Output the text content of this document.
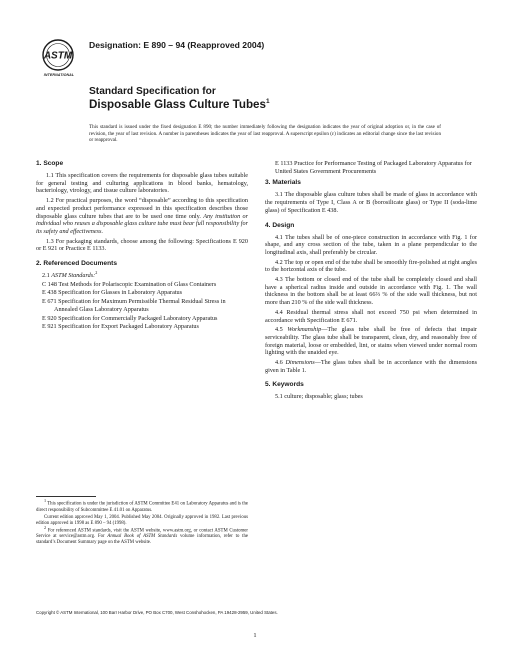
ASTM
INTERNATIONAL
Designation: E 890 – 94 (Reapproved 2004)
Standard Specification for
Disposable Glass Culture Tubes$^1$
This standard is issued under the fixed designation E 890; the number immediately following the designation indicates the year of original adoption or, in the case of revision, the year of last revision. A number in parentheses indicates the year of last reapproval. A superscript epsilon (ε) indicates an editorial change since the last revision or reapproval.
1. Scope

1.1 This specification covers the requirements for disposable glass tubes suitable for general testing and culturing applications in blood banks, hematology, bacteriology, virology, and tissue culture laboratories.

1.2 For practical purposes, the word “disposable” according to this specification and expected product performance expressed in this specification describes those disposable glass culture tubes that are to be used one time only. Any institution or individual who reuses a disposable glass culture tube must bear full responsibility for its safety and effectiveness.

1.3 For packaging standards, choose among the following: Specifications E 920 or E 921 or Practice E 1133.

2. Referenced Documents
2.1 ASTM Standards:$^2$
C 148 Test Methods for Polariscopic Examination of Glass Containers
E 438 Specification for Glasses in Laboratory Apparatus
E 671 Specification for Maximum Permissible Thermal Residual Stress in Annealed Glass Laboratory Apparatus
E 920 Specification for Commercially Packaged Laboratory Apparatus
E 921 Specification for Export Packaged Laboratory Apparatus

$^1$ This specification is under the jurisdiction of ASTM Committee E41 on Laboratory Apparatus and is the direct responsibility of Subcommittee E 41.01 on Apparatus.

Current edition approved May 1, 2004. Published May 2004. Originally approved in 1982. Last previous edition approved in 1998 as E 890 – 94 (1998).

$^2$ For referenced ASTM standards, visit the ASTM website, www.astm.org, or contact ASTM Customer Service at service@astm.org. For Annual Book of ASTM Standards volume information, refer to the standard’s Document Summary page on the ASTM website.

E 1133 Practice for Performance Testing of Packaged Laboratory Apparatus for United States Government Procurements
3. Materials

3.1 The disposable glass culture tubes shall be made of glass in accordance with the requirements of Type I, Class A or B (borosilicate glass) or Type II (soda-lime glass) of Specification E 438.

4. Design

4.1 The tubes shall be of one-piece construction in accordance with Fig. 1 for shape, and any cross section of the tube, taken in a plane perpendicular to the longitudinal axis, shall preferably be circular.

4.2 The top or open end of the tube shall be smoothly fire-polished at right angles to the horizontal axis of the tube.

4.3 The bottom or closed end of the tube shall be completely closed and shall have a spherical radius inside and outside in accordance with Fig. 1. The wall thickness in the bottom shall be at least 66⅔ % of the side wall thickness, but not more than 210 % of the side wall thickness.

4.4 Residual thermal stress shall not exceed 750 psi when determined in accordance with Specification E 671.

4.5 Workmanship—The glass tube shall be free of defects that impair serviceability. The glass tube shall be transparent, clean, dry, and reasonably free of foreign material, loose or embedded, lint, or stains when viewed under normal room lighting with the unaided eye.

4.6 Dimensions—The glass tubes shall be in accordance with the dimensions given in Table 1.

5. Keywords

5.1 culture; disposable; glass; tubes

Copyright © ASTM International, 100 Barr Harbor Drive, PO Box C700, West Conshohocken, PA 19428-2959, United States.
1
